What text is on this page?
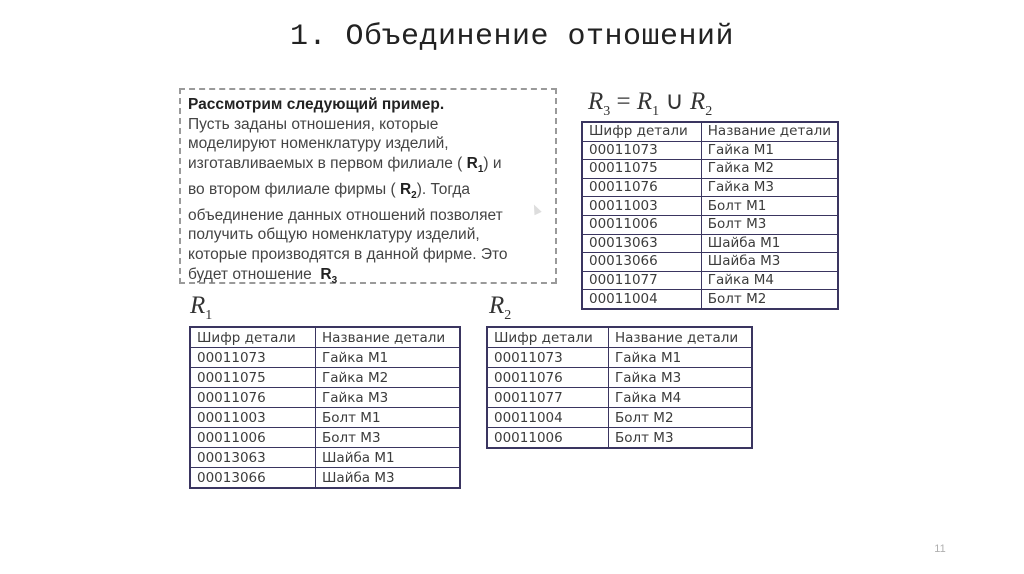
1. Объединение отношений
Рассмотрим следующий пример.
Пусть заданы отношения, которые
моделируют номенклатуру изделий,
изготавливаемых в первом филиале ( $R_1$) и
во втором филиале фирмы ( $R_2$). Тогда
объединение данных отношений позволяет
получить общую номенклатуру изделий,
которые производятся в данной фирме. Это
будет отношение $R_3$
$R_3 = R_1$ ∪ $R_2$
Шифр детали	Название детали
00011073	Гайка М1
00011075	Гайка М2
00011076	Гайка М3
00011003	Болт М1
00011006	Болт М3
00013063	Шайба М1
00013066	Шайба М3
00011077	Гайка М4
00011004	Болт М2
$R_1$
Шифр детали	Название детали
00011073	Гайка М1
00011075	Гайка М2
00011076	Гайка М3
00011003	Болт М1
00011006	Болт М3
00013063	Шайба М1
00013066	Шайба М3
$R_2$
Шифр детали	Название детали
00011073	Гайка М1
00011076	Гайка М3
00011077	Гайка М4
00011004	Болт М2
00011006	Болт М3
11
